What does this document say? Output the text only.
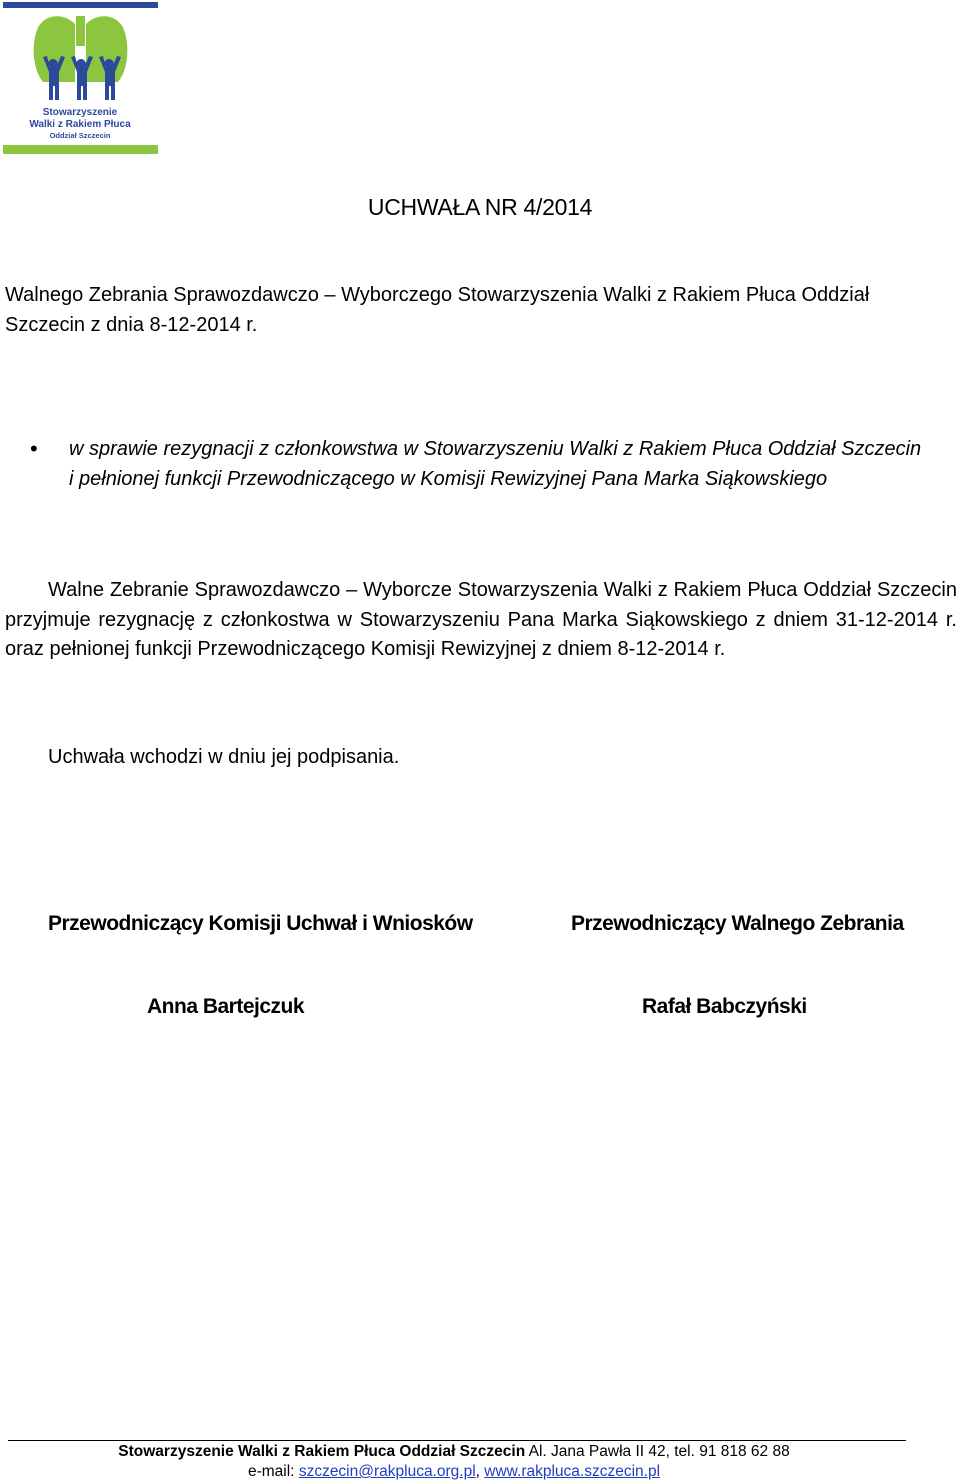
Stowarzyszenie
Walki z Rakiem Płuca
Oddział Szczecin
UCHWAŁA NR 4/2014
Walnego Zebrania Sprawozdawczo – Wyborczego Stowarzyszenia Walki z Rakiem Płuca Oddział Szczecin z dnia 8-12-2014 r.
• w sprawie rezygnacji z członkowstwa w Stowarzyszeniu Walki z Rakiem Płuca Oddział Szczecin i pełnionej funkcji Przewodniczącego w Komisji Rewizyjnej Pana Marka Siąkowskiego
Walne Zebranie Sprawozdawczo – Wyborcze Stowarzyszenia Walki z Rakiem Płuca Oddział Szczecin przyjmuje rezygnację z członkostwa w Stowarzyszeniu Pana Marka Siąkowskiego z dniem 31-12-2014 r. oraz pełnionej funkcji Przewodniczącego Komisji Rewizyjnej z dniem 8-12-2014 r.
Uchwała wchodzi w dniu jej podpisania.
Przewodniczący Komisji Uchwał i Wniosków	Przewodniczący Walnego Zebrania
Anna Bartejczuk	Rafał Babczyński
Stowarzyszenie Walki z Rakiem Płuca Oddział Szczecin Al. Jana Pawła II 42, tel. 91 818 62 88
e-mail: szczecin@rakpluca.org.pl, www.rakpluca.szczecin.pl
